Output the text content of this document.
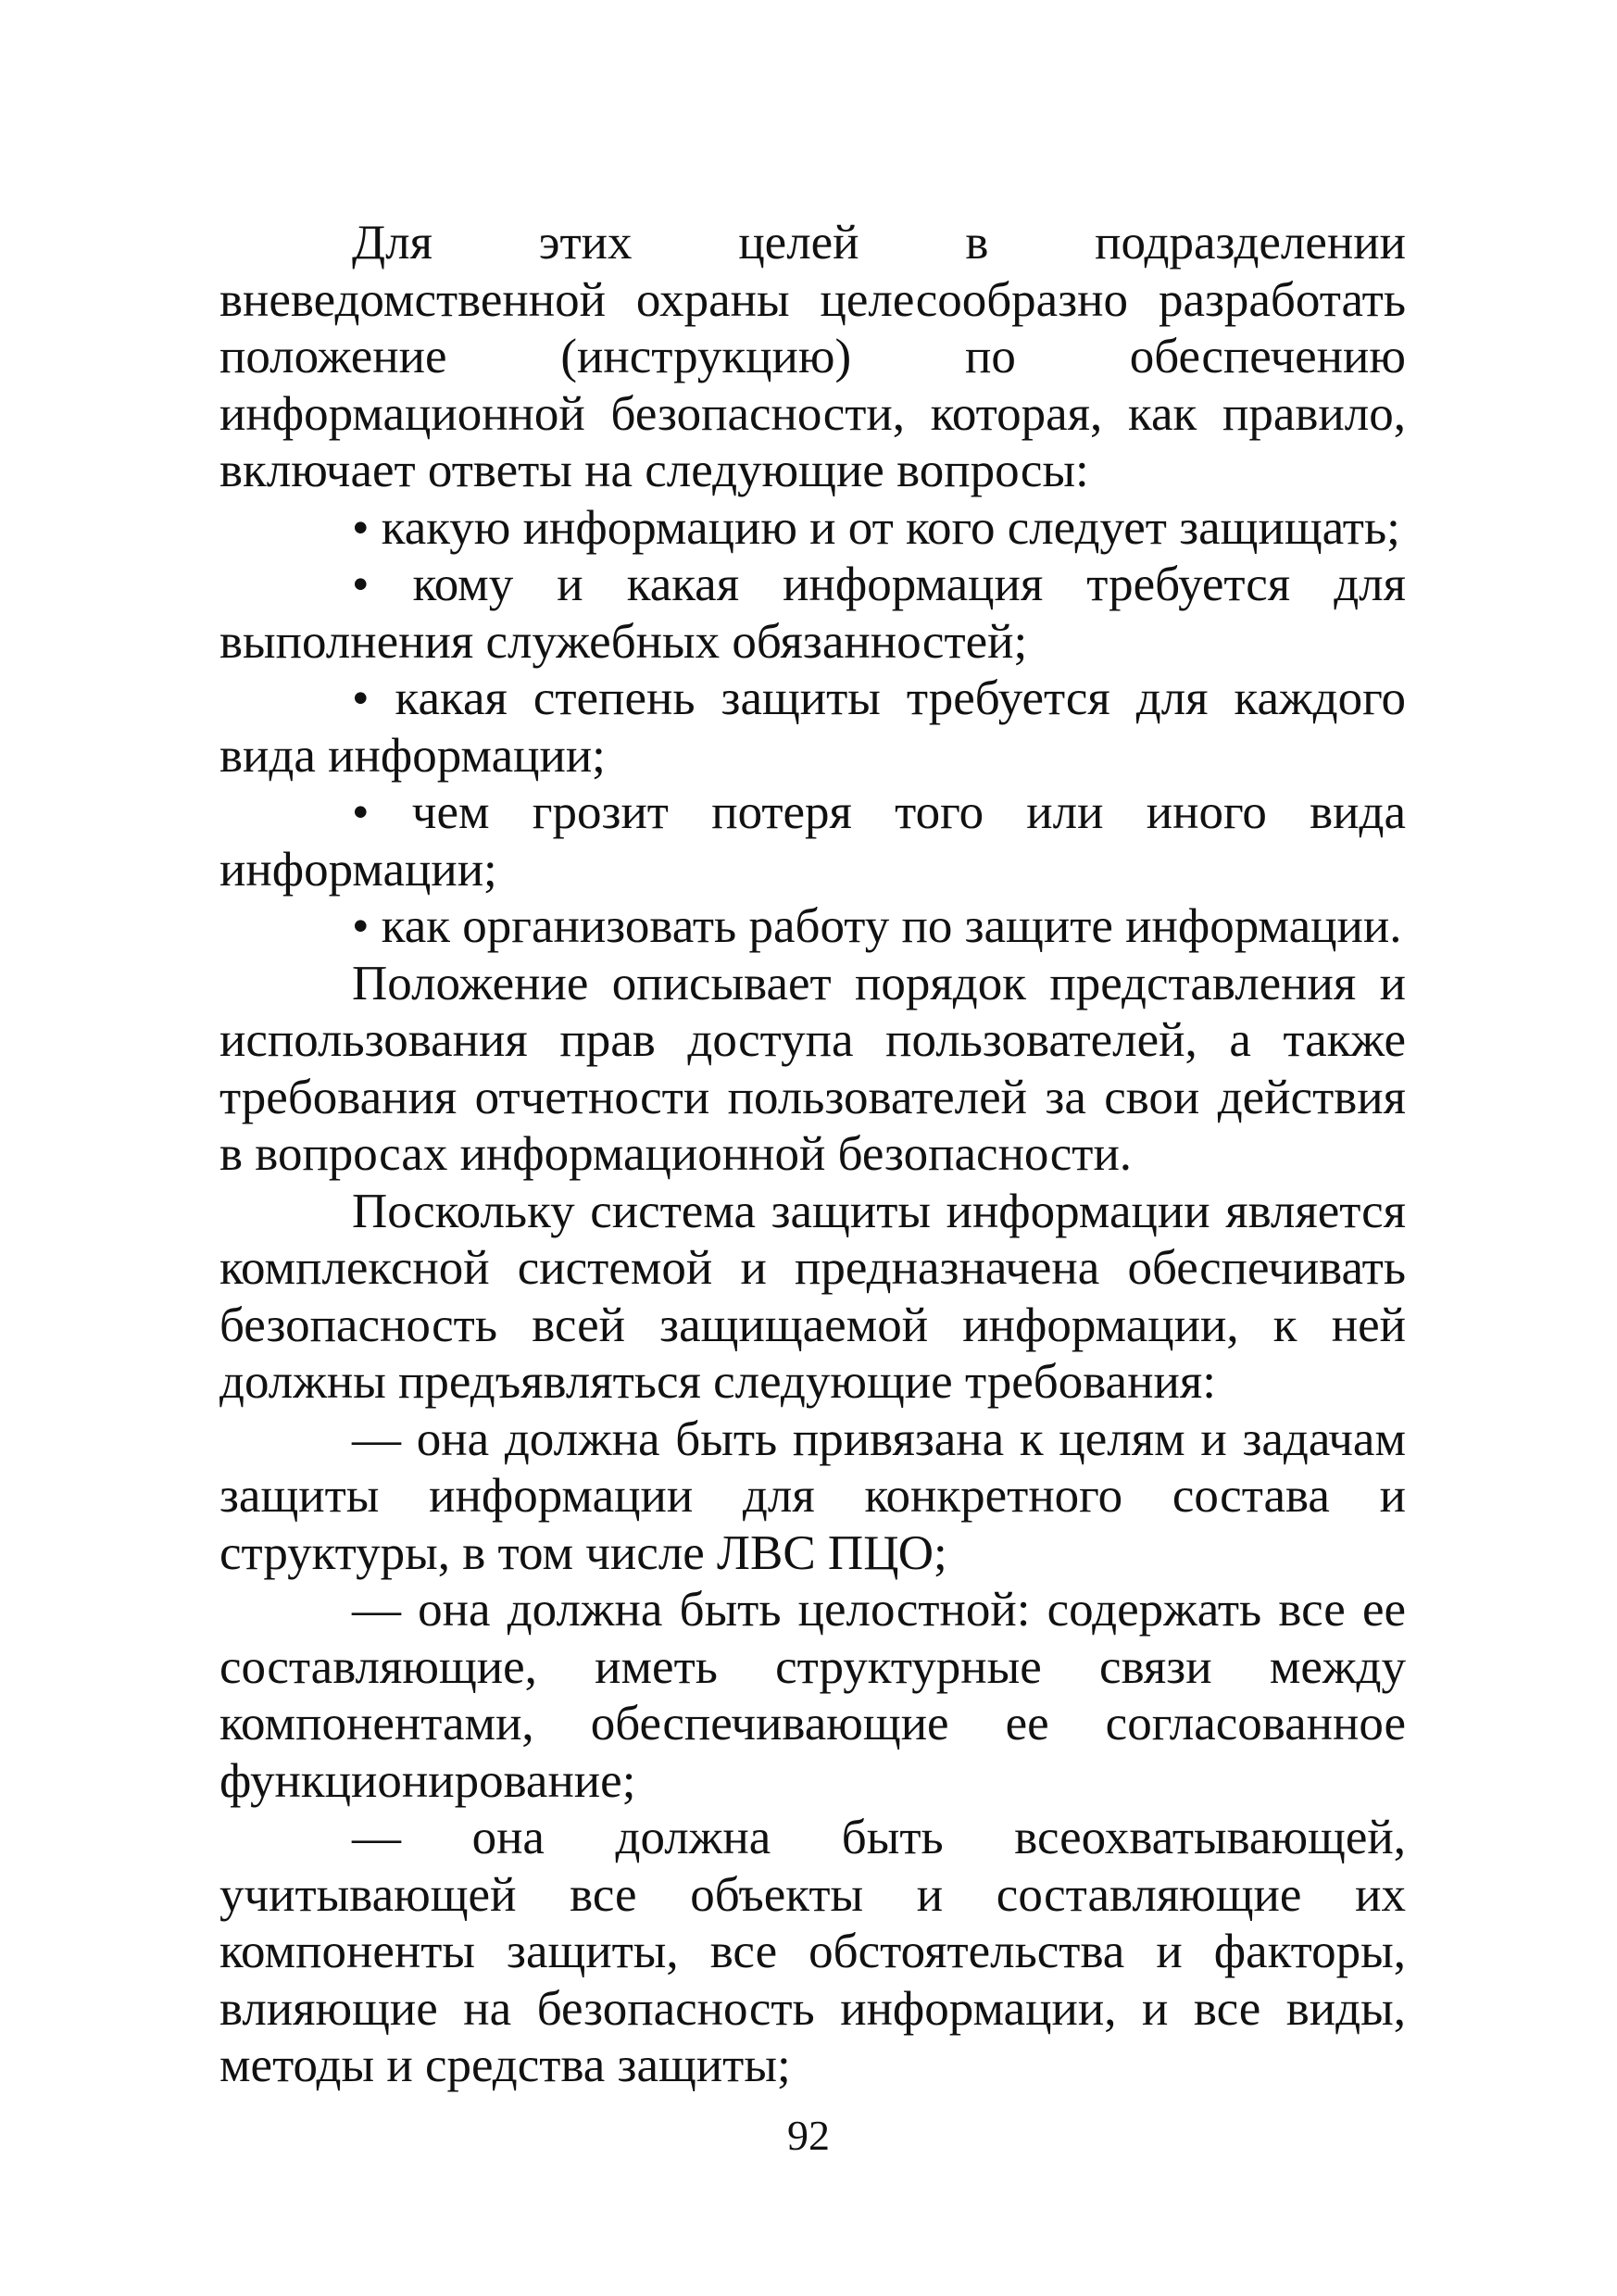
Для этих целей в подразделении вневедомственной охраны целесообразно разработать положение (инструкцию) по обеспечению информационной безопасности, которая, как правило, включает ответы на следующие вопросы:

• какую информацию и от кого следует защищать;

• кому и какая информация требуется для выполнения служебных обязанностей;

• какая степень защиты требуется для каждого вида информации;

• чем грозит потеря того или иного вида информации;

• как организовать работу по защите информации.

Положение описывает порядок представления и использования прав доступа пользователей, а также требования отчетности пользователей за свои действия в вопросах информационной безопасности.

Поскольку система защиты информации является комплексной системой и предназначена обеспечивать безопасность всей защищаемой информации, к ней должны предъявляться следующие требования:

— она должна быть привязана к целям и задачам защиты информации для конкретного состава и структуры, в том числе ЛВС ПЦО;

— она должна быть целостной: содержать все ее составляющие, иметь структурные связи между компонентами, обеспечивающие ее согласованное функционирование;

— она должна быть всеохватывающей, учитывающей все объекты и составляющие их компоненты защиты, все обстоятельства и факторы, влияющие на безопасность информации, и все виды, методы и средства защиты;

92
